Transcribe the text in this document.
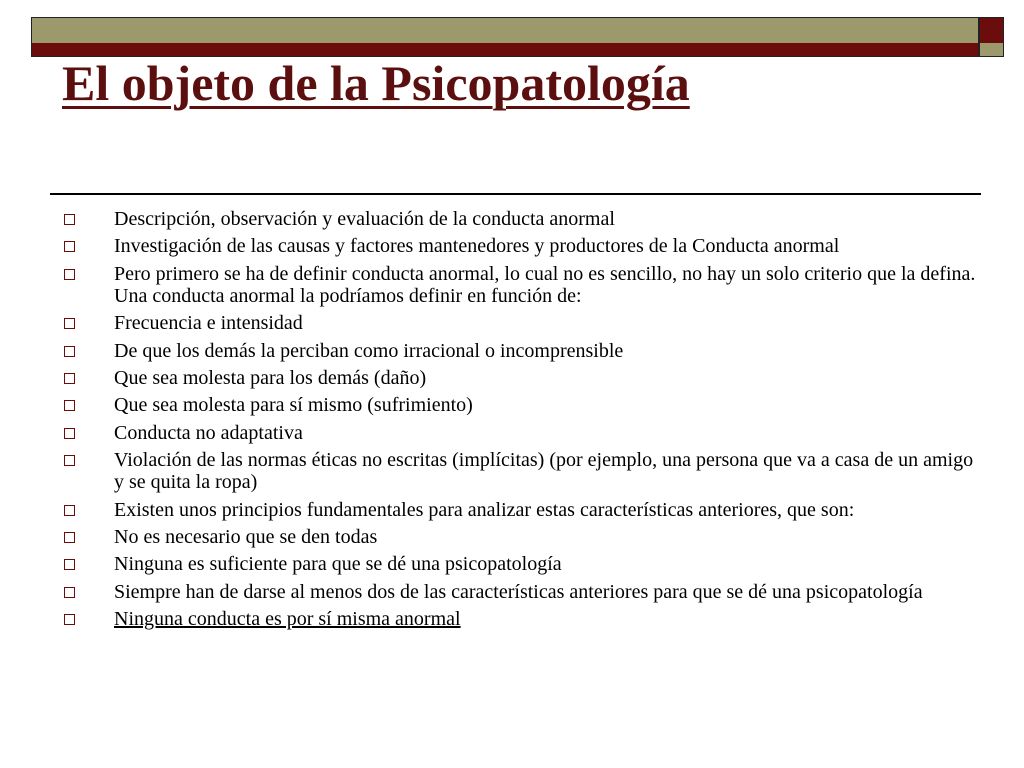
El objeto de la Psicopatología
Descripción, observación y evaluación de la conducta anormal
Investigación de las causas y factores mantenedores y productores de la Conducta anormal
Pero primero se ha de definir conducta anormal, lo cual no es sencillo, no hay un solo criterio que la defina. Una conducta anormal la podríamos definir en función de:
Frecuencia e intensidad
De que los demás la perciban como irracional o incomprensible
Que sea molesta para los demás (daño)
Que sea molesta para sí mismo (sufrimiento)
Conducta no adaptativa
Violación de las normas éticas no escritas (implícitas) (por ejemplo, una persona que va a casa de un amigo y se quita la ropa)
Existen unos principios fundamentales para analizar estas características anteriores, que son:
No es necesario que se den todas
Ninguna es suficiente para que se dé una psicopatología
Siempre han de darse al menos dos de las características anteriores para que se dé una psicopatología
Ninguna conducta es por sí misma anormal
